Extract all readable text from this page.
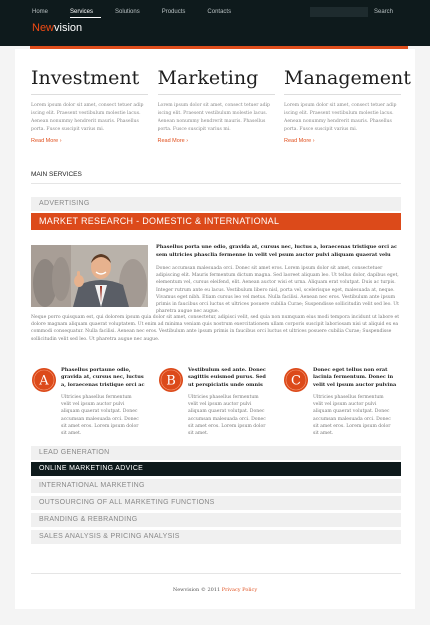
Home	Services	Solutions	Products	Contacts	Search
Newvision
Investment

Lorem ipsum dolor sit amet, consect tetuer adip iscing elit. Praesent vestibulum molestie lacus. Aenean nonummy hendrerit mauris. Phasellus porta. Fusce suscipit varius mi.

Read More ›
Marketing

Lorem ipsum dolor sit amet, consect tetuer adip iscing elit. Praesent vestibulum molestie lacus. Aenean nonummy hendrerit mauris. Phasellus porta. Fusce suscipit varius mi.

Read More ›
Management

Lorem ipsum dolor sit amet, consect tetuer adip iscing elit. Praesent vestibulum molestie lacus. Aenean nonummy hendrerit mauris. Phasellus porta. Fusce suscipit varius mi.

Read More ›
MAIN SERVICES
ADVERTISING
MARKET RESEARCH - DOMESTIC & INTERNATIONAL
Phasellus porta une odio, gravida at, cursus nec, luctus a, loraecenas tristique orci ac sem ultricies phasclia fermenne in velit vel psum auctor pulvi aliquam quaerat velu
Donec accumsan malesuada orci. Donec sit amet eros. Lorem ipsum dolor sit amet, consectetuer adipiscing elit. Mauris fermentum dictum magna. Sed laoreet aliquam leo. Ut tellus dolor, dapibus eget, elementum vel, cursus eleifend, elit. Aenean auctor wisi et urna. Aliquam erat volutpat. Duis ac turpis. Integer rutrum ante eu lacus. Vestibulum libero nisl, porta vel, scelerisque eget, malesuada at, neque. Vivamus eget nibh. Etiam cursus leo vel metus. Nulla facilisi. Aenean nec eros. Vestibulum ante ipsum primis in faucibus orci luctus et ultrices posuere cubilia Curae; Suspendisse sollicitudin velit sed leo. Ut pharetra augue nec augue.
Neque porro quisquam est, qui dolorem ipsum quia dolor sit amet, consectetur, adipisci velit, sed quia non numquam eius modi tempora incidunt ut labore et dolore magnam aliquam quaerat voluptatem. Ut enim ad minima veniam quis nostrum exercitationem ullam corporis suscipit laboriosam nisi ut aliquid ex ea commodi consequatur. Nulla facilisi. Aenean nec eros. Vestibulum ante ipsum primis in faucibus orci luctus et ultrices posuere cubilia Curae; Suspendisse sollicitudin velit sed leo. Ut pharetra augue nec augue.
A
Phasellus portaune odio, gravida at, cursus nec, luctus a, loraecenas tristique orci ac

Ultricies phasellus fermentum velit vel ipsum auctor pulvi aliquam quaerat volutpat. Donec accumsan malesuada orci. Donec sit amet eros. Lorem ipsum dolor sit amet.

B
Vestibulum sed ante. Donec sagittis euismod purus. Sed ut perspiciatis unde omnis

Ultricies phasellus fermentum velit vel ipsum auctor pulvi aliquam quaerat volutpat. Donec accumsan malesuada orci. Donec sit amet eros. Lorem ipsum dolor sit amet.

C
Donec eget tellus non erat lacinia fermentum. Donec in velit vel ipsum auctor pulvina

Ultricies phasellus fermentum velit vel ipsum auctor pulvi aliquam quaerat volutpat. Donec accumsan malesuada orci. Donec sit amet eros. Lorem ipsum dolor sit amet.

LEAD GENERATION
ONLINE MARKETING ADVICE
INTERNATIONAL MARKETING
OUTSOURCING OF ALL MARKETING FUNCTIONS
BRANDING & REBRANDING
SALES ANALYSIS & PRICING ANALYSIS
Newvision © 2011 Privacy Policy
